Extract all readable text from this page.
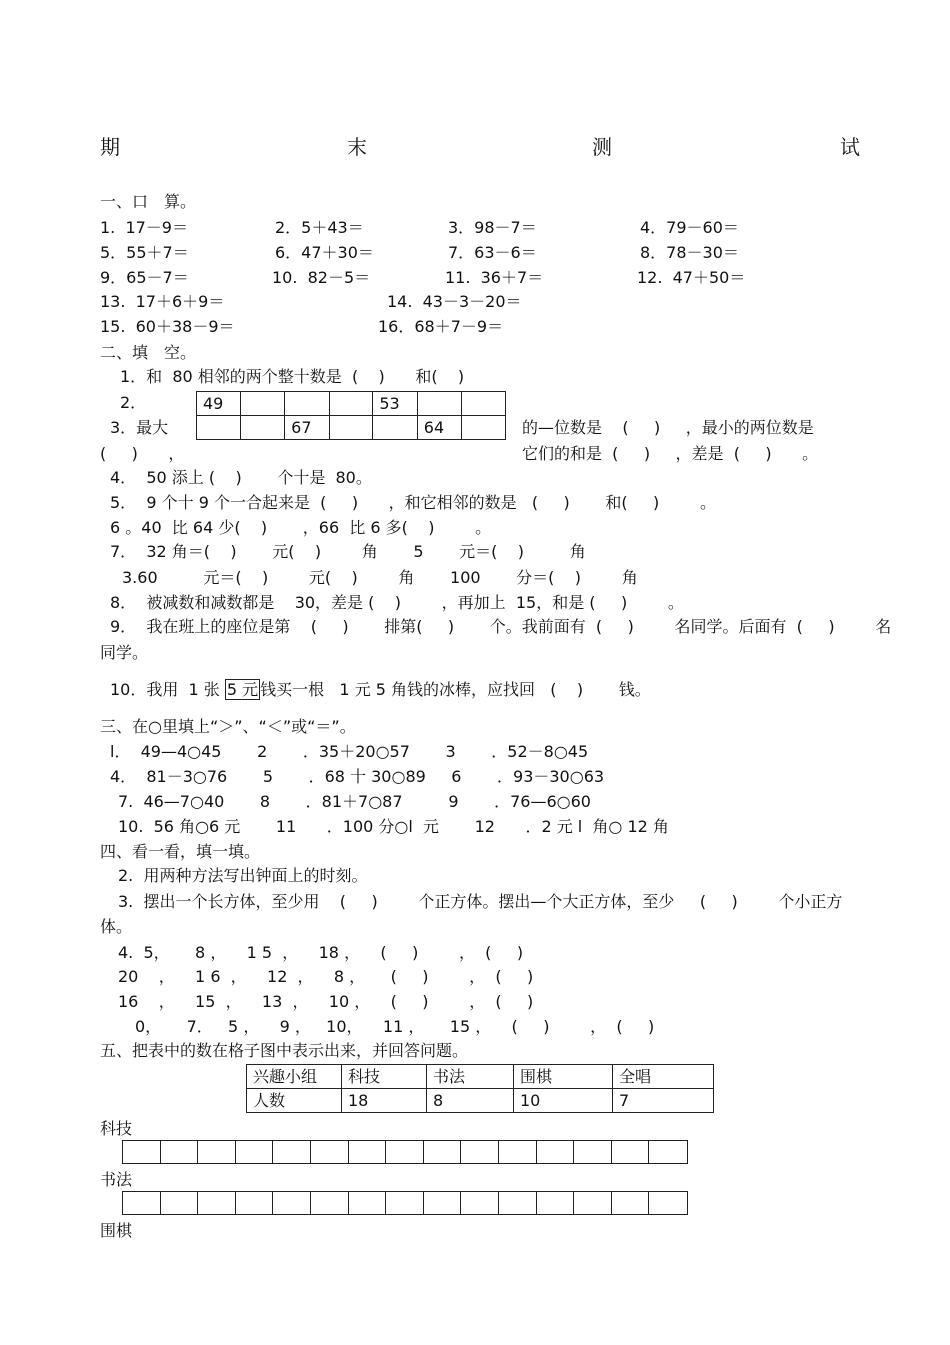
期	末	测	试
一、口　算。
1.  17－9＝	2．5＋43＝	3．98－7＝	4．79－60＝
5．55＋7＝	6．47＋30＝	7．63－6＝	8．78－30＝
9．65－7＝	10.  82－5＝	11.  36＋7＝	12.  47＋50＝
13.  17＋6＋9＝	14.  43－3－20＝
15.  60＋38－9＝	16．68＋7－9＝
二、填　空。
1．和  80 相邻的两个整十数是  (    )      和(    )
2．	49				53		
		67			64	
3．最大	的—位数是    (     )     ，最小的两位数是
(     )      ，	它们的和是  (     )     ，差是  (     )      。
4．  50 添上 (    )       个十是  80。
5．  9 个十 9 个一合起来是  (     )      ，和它相邻的数是   (     )       和(     )        。
6 。40  比 64 少(    )       ，66  比 6 多(    )        。
7．  32 角＝(    )       元(    )        角       5       元＝(    )         角
3.60         元＝(    )        元(    )        角       100       分＝(    )        角
8．  被减数和减数都是    30，差是 (    )        ，再加上  15，和是 (     )        。
9．  我在班上的座位是第    (     )       排第(     )       个。我前面有  (     )        名同学。后面有  (     )        名
同学。
10．我用  1 张 5 元 钱买一根   1 元 5 角钱的冰棒，应找回   (    )       钱。
三、在○里填上“＞”、“＜”或“＝”。
l．  49—4○45       2       ．35＋20○57       3       ．52－8○45
4．  81－3○76       5       ．68 十 30○89     6       ．93－30○63
7.  46—7○40       8       ．81＋7○87         9       ．76—6○60
10.  56 角○6 元       11      ．100 分○l  元       12      ．2 元 l  角○ 12 角
四、看一看，填一填。
2.  用两种方法写出钟面上的时刻。
3.  摆出一个长方体，至少用    (     )        个正方体。摆出—个大正方体，至少     (     )        个小正方
体。
4.  5，     8 ，    1 5  ，    18 ，    (     )        ，  (     )
20    ，    1 6  ，    12  ，    8 ，     (     )        ，  (     )
16    ，    15  ，    13  ，    10 ，    (     )        ，  (     )
0，     7．   5 ，    9 ，   10，    11 ，     15 ，    (     )        ，  (     )
五、把表中的数在格子图中表示出来，并回答问题。
兴趣小组	科技	书法	围棋	全唱
人数	18	8	10	7
科技
书法
围棋
